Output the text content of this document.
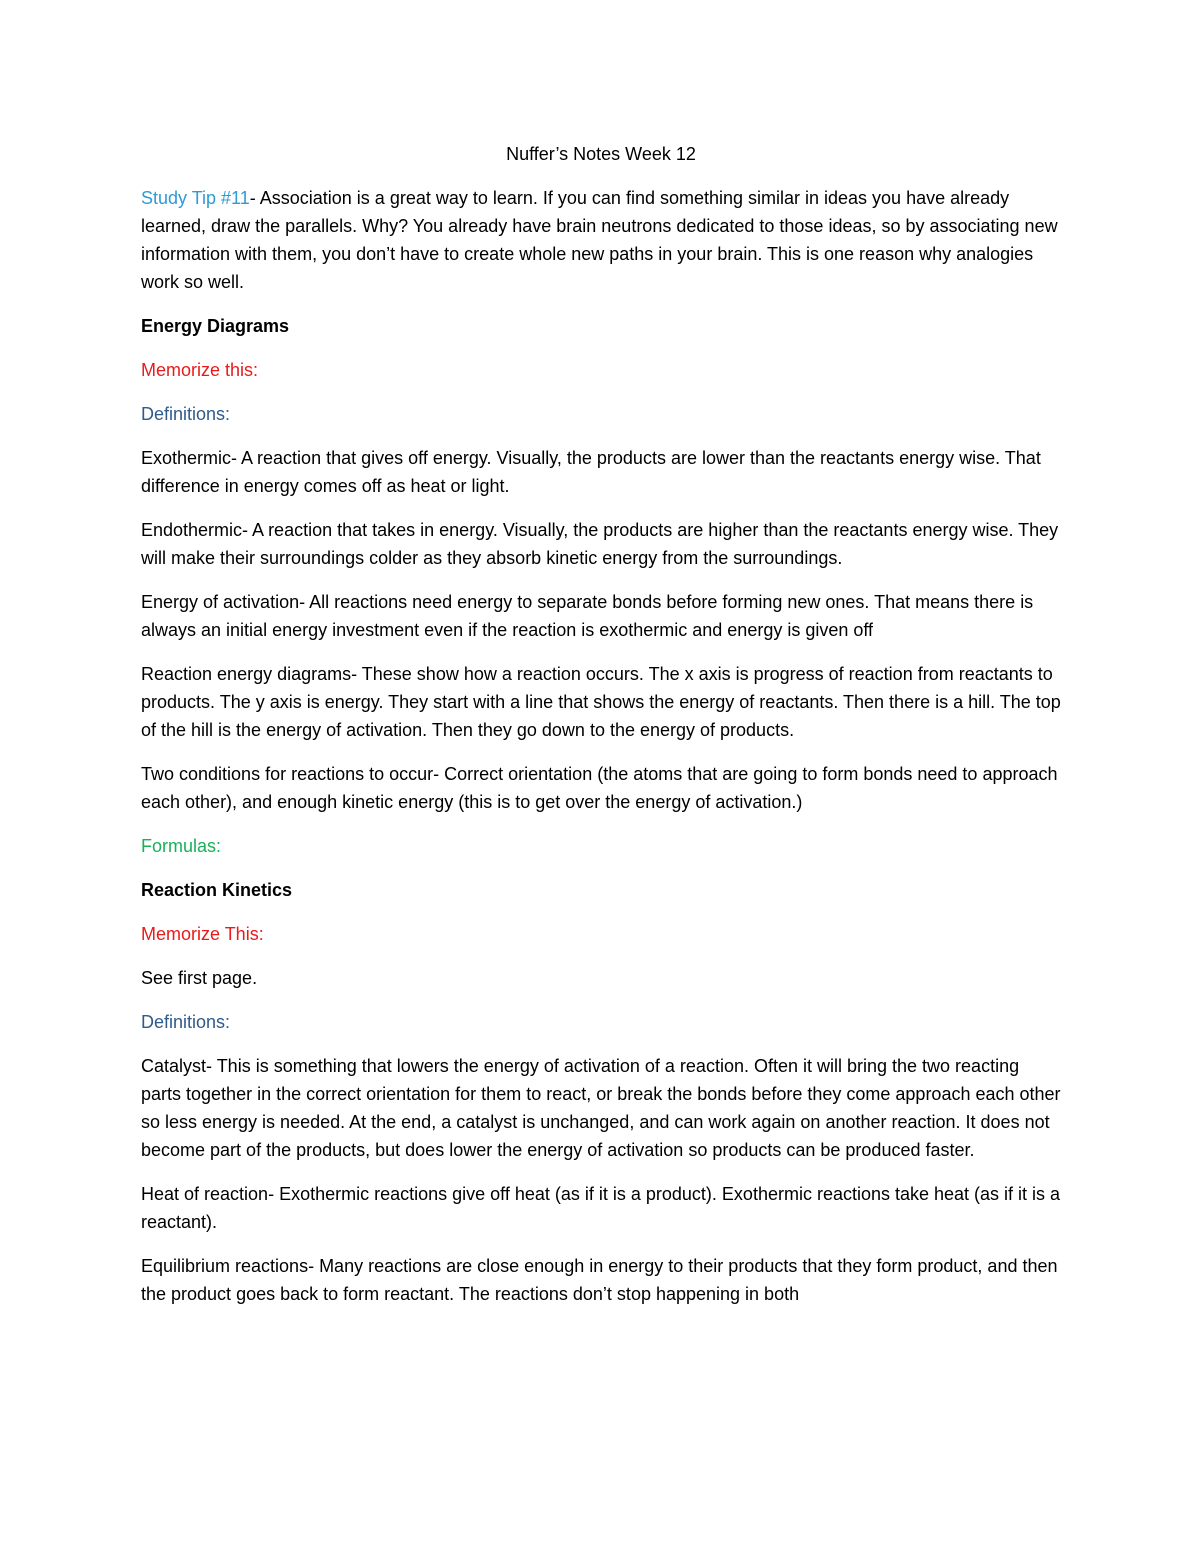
Nuffer’s Notes Week 12

Study Tip #11- Association is a great way to learn. If you can find something similar in ideas you have already learned, draw the parallels. Why? You already have brain neutrons dedicated to those ideas, so by associating new information with them, you don’t have to create whole new paths in your brain. This is one reason why analogies work so well.

Energy Diagrams

Memorize this:

Definitions:

Exothermic- A reaction that gives off energy. Visually, the products are lower than the reactants energy wise. That difference in energy comes off as heat or light.

Endothermic- A reaction that takes in energy. Visually, the products are higher than the reactants energy wise. They will make their surroundings colder as they absorb kinetic energy from the surroundings.

Energy of activation- All reactions need energy to separate bonds before forming new ones. That means there is always an initial energy investment even if the reaction is exothermic and energy is given off

Reaction energy diagrams- These show how a reaction occurs. The x axis is progress of reaction from reactants to products. The y axis is energy. They start with a line that shows the energy of reactants. Then there is a hill. The top of the hill is the energy of activation. Then they go down to the energy of products.

Two conditions for reactions to occur- Correct orientation (the atoms that are going to form bonds need to approach each other), and enough kinetic energy (this is to get over the energy of activation.)

Formulas:

Reaction Kinetics

Memorize This:

See first page.

Definitions:

Catalyst- This is something that lowers the energy of activation of a reaction. Often it will bring the two reacting parts together in the correct orientation for them to react, or break the bonds before they come approach each other so less energy is needed. At the end, a catalyst is unchanged, and can work again on another reaction. It does not become part of the products, but does lower the energy of activation so products can be produced faster.

Heat of reaction- Exothermic reactions give off heat (as if it is a product). Exothermic reactions take heat (as if it is a reactant).

Equilibrium reactions- Many reactions are close enough in energy to their products that they form product, and then the product goes back to form reactant. The reactions don’t stop happening in both
